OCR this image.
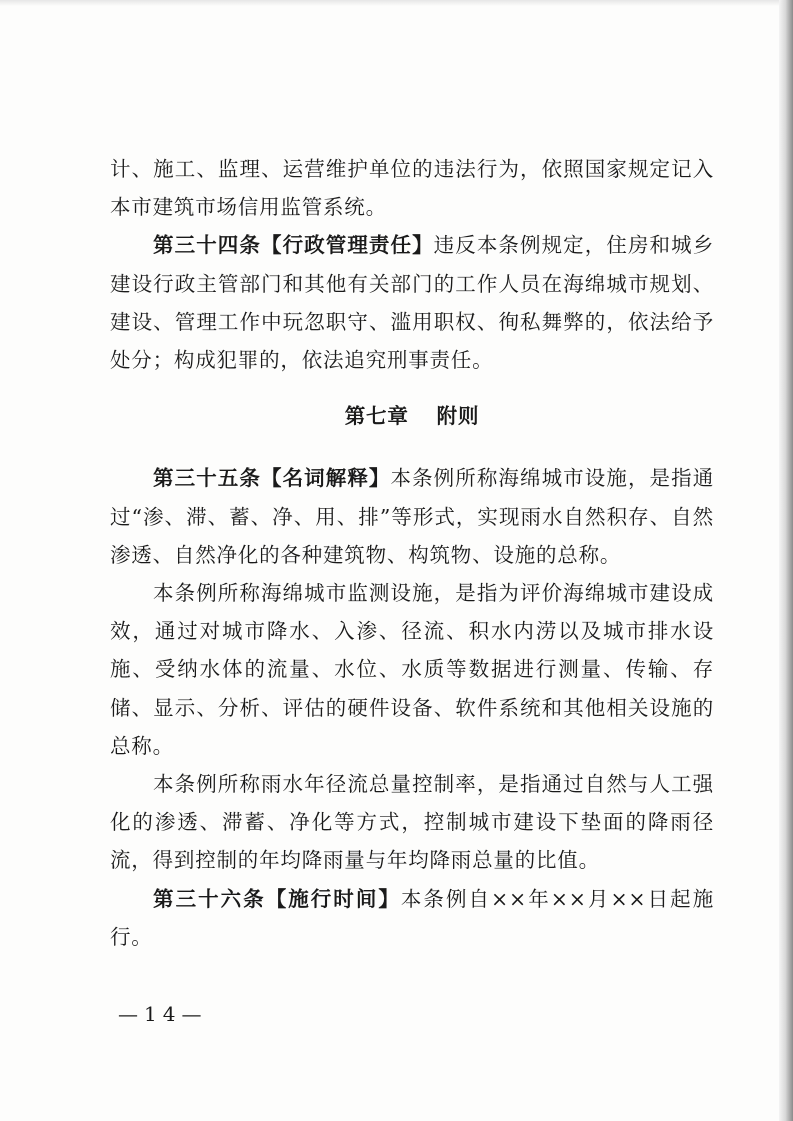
计、施工、监理、运营维护单位的违法行为，依照国家规定记入本市建筑市场信用监管系统。

第三十四条【行政管理责任】违反本条例规定，住房和城乡建设行政主管部门和其他有关部门的工作人员在海绵城市规划、建设、管理工作中玩忽职守、滥用职权、徇私舞弊的，依法给予处分；构成犯罪的，依法追究刑事责任。

第七章 附则

第三十五条【名词解释】本条例所称海绵城市设施，是指通过“渗、滞、蓄、净、用、排”等形式，实现雨水自然积存、自然渗透、自然净化的各种建筑物、构筑物、设施的总称。

本条例所称海绵城市监测设施，是指为评价海绵城市建设成效，通过对城市降水、入渗、径流、积水内涝以及城市排水设施、受纳水体的流量、水位、水质等数据进行测量、传输、存储、显示、分析、评估的硬件设备、软件系统和其他相关设施的总称。

本条例所称雨水年径流总量控制率，是指通过自然与人工强化的渗透、滞蓄、净化等方式，控制城市建设下垫面的降雨径流，得到控制的年均降雨量与年均降雨总量的比值。

第三十六条【施行时间】本条例自××年××月××日起施行。

—14—
